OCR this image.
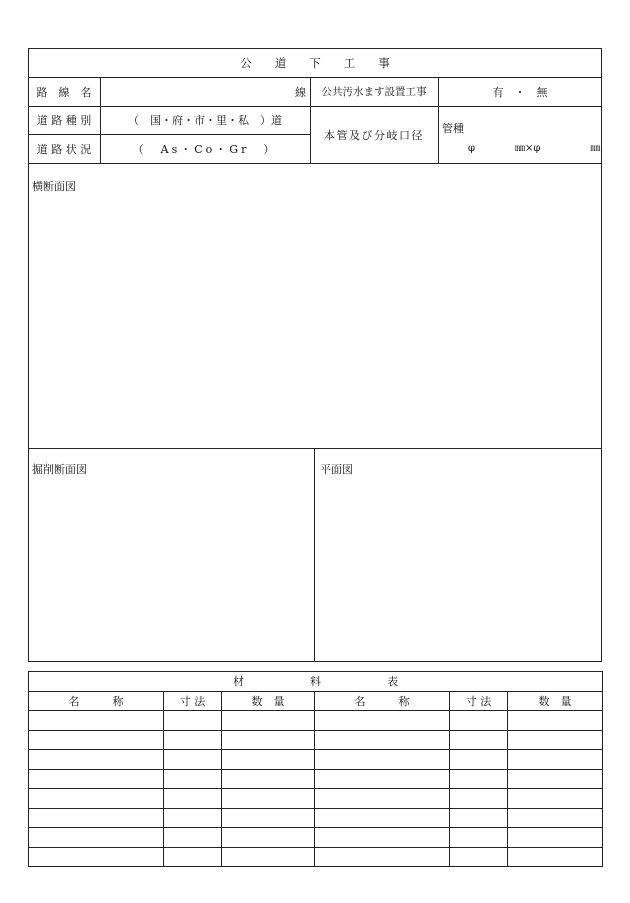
公　　道　　下　　工　　事
路　線　名	線	公共汚水ます設置工事	有　・　無
道 路 種 別	（　国・府・市・里・私　）道
道 路 状 況	（　As・Co・Gr　）
本管及び分岐口径	管種
φ　　　　㎜×φ　　　　　㎜
横断面図
掘削断面図	平面図
材　　　　　　料　　　　　　表					
名　　　称	寸 法	数　量	名　　　称	寸 法	数　量
